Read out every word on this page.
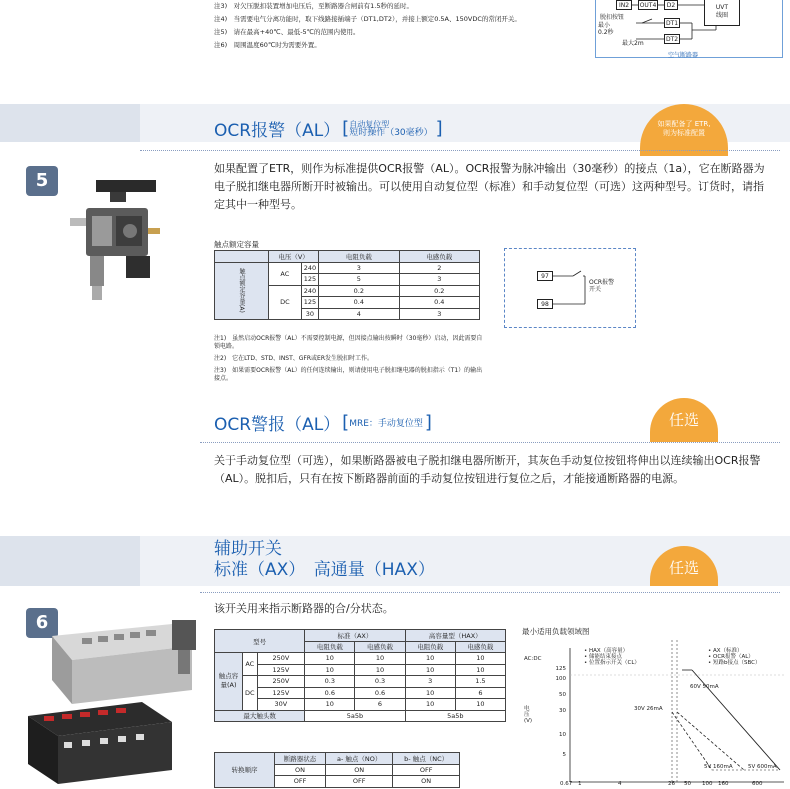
注3)　对欠压脱扣装置增加电压后，至断路器合闸前有1.5秒的延时。
注4)　当需要电气分离功能时，取下线路接插端子（DT1,DT2），并接上额定0.5A、150VDC的常闭开关。
注5)　请在最高+40℃、最低-5℃的范围内使用。
注6)　周围温度60℃时为需要外置。
IN2	OUT4	D2
DT1
DT2
UVT
线圈
脱扣按钮
最小
0.2秒
最大2m
空气断路器
OCR报警（AL） [ 自动复位型
短时操作（30毫秒） ]	如果配备了 ETR,
则为标准配置
5
如果配置了ETR，则作为标准提供OCR报警（AL）。OCR报警为脉冲输出（30毫秒）的接点（1a），它在断路器为电子脱扣继电器所断开时被输出。可以使用自动复位型（标准）和手动复位型（可选）这两种型号。订货时，请指定其中一种型号。
触点额定容量
	电压（V）		电阻负载	电感负载
触点额定容量(A)	AC	240	3	2
		125	5	3
	DC	240	0.2	0.2
		125	0.4	0.4
		30	4	3
注1)　虽然启动OCR报警（AL）不需要控制电源，但因接点输出按瞬时（30毫秒）启动，因此需要自锁电路。
注2)　它在LTD、STD、INST、GFR或ER发生脱扣时工作。
注3)　如果需要OCR报警（AL）的任何连续输出，则请使用电子脱扣继电器的脱扣指示（T1）的输出接点。
97
98
OCR报警
开关
OCR警报（AL） [ MRE：手动复位型 ]	任选
关于手动复位型（可选），如果断路器被电子脱扣继电器所断开，其灰色手动复位按钮将伸出以连续输出OCR报警（AL）。脱扣后，只有在按下断路器前面的手动复位按钮进行复位之后，才能接通断路器的电源。
辅助开关
标准（AX）　高通量（HAX）	任选
6
该开关用来指示断路器的合/分状态。
型号			标准（AX）		高容量型（HAX）	
			电阻负载	电感负载	电阻负载	电感负载
触点容量(A)	AC	250V	10	10	10	10
		125V	10	10	10	10
	DC	250V	0.3	0.3	3	1.5
		125V	0.6	0.6	10	6
		30V	10	6	10	10
最大触头数			5a5b		5a5b	
转换顺序	断路器状态	a- 触点（NO）	b- 触点（NC）
	ON	ON	OFF
	OFF	OFF	ON
最小适用负载领域图
• HAX（高容量）
• 储能结束接点
• 位置指示开关（CL）
• AX（标准）
• OCR报警（AL）
• 短路b接点（SBC）
AC:DC
电压(V)
125
100
50
30
10
5
60V 50mA
30V 26mA
5V 160mA	5V 600mA
0.67 1	4	26 50 100 160	600
